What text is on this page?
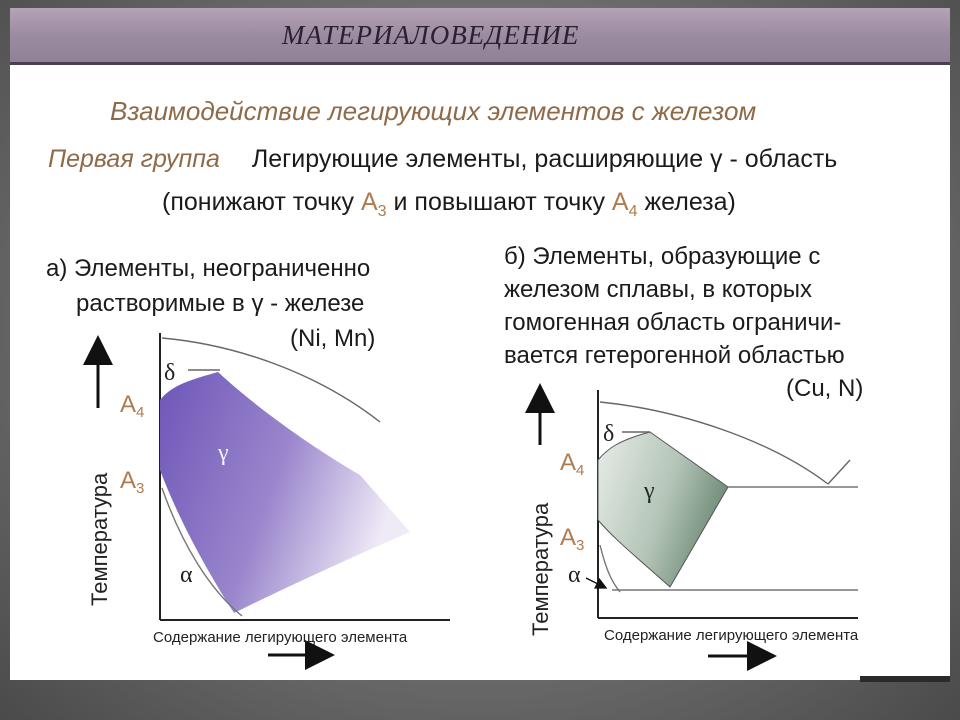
МАТЕРИАЛОВЕДЕНИЕ
Взаимодействие легирующих элементов с железом
Первая группа Легирующие элементы, расширяющие γ - область
(понижают точку $A_3$ и повышают точку $A_4$ железа)
а) Элементы, неограниченно
растворимые в γ - железе
(Ni, Mn)
б) Элементы, образующие с
железом сплавы, в которых
гомогенная область ограничи-
вается гетерогенной областью
(Cu, N)
δ
γ
α
$A_4$
$A_3$
Температура
Содержание легирующего элемента
δ
γ
α
$A_4$
$A_3$
Температура	Содержание легирующего элемента
